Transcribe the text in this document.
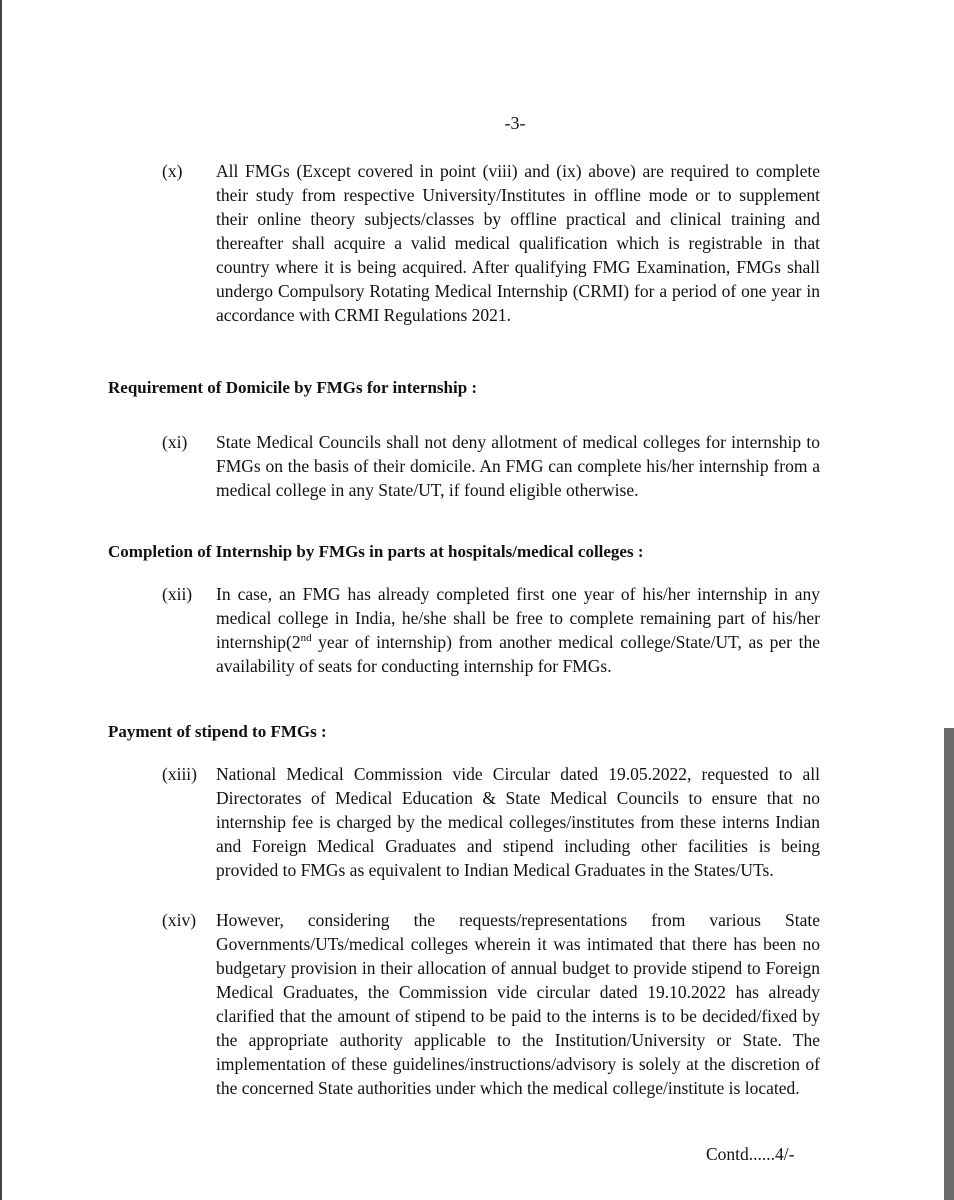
-3-
(x) All FMGs (Except covered in point (viii) and (ix) above) are required to complete their study from respective University/Institutes in offline mode or to supplement their online theory subjects/classes by offline practical and clinical training and thereafter shall acquire a valid medical qualification which is registrable in that country where it is being acquired. After qualifying FMG Examination, FMGs shall undergo Compulsory Rotating Medical Internship (CRMI) for a period of one year in accordance with CRMI Regulations 2021.
Requirement of Domicile by FMGs for internship :
(xi) State Medical Councils shall not deny allotment of medical colleges for internship to FMGs on the basis of their domicile. An FMG can complete his/her internship from a medical college in any State/UT, if found eligible otherwise.
Completion of Internship by FMGs in parts at hospitals/medical colleges :
(xii) In case, an FMG has already completed first one year of his/her internship in any medical college in India, he/she shall be free to complete remaining part of his/her internship(2nd year of internship) from another medical college/State/UT, as per the availability of seats for conducting internship for FMGs.
Payment of stipend to FMGs :
(xiii) National Medical Commission vide Circular dated 19.05.2022, requested to all Directorates of Medical Education & State Medical Councils to ensure that no internship fee is charged by the medical colleges/institutes from these interns Indian and Foreign Medical Graduates and stipend including other facilities is being provided to FMGs as equivalent to Indian Medical Graduates in the States/UTs.
(xiv) However, considering the requests/representations from various State Governments/UTs/medical colleges wherein it was intimated that there has been no budgetary provision in their allocation of annual budget to provide stipend to Foreign Medical Graduates, the Commission vide circular dated 19.10.2022 has already clarified that the amount of stipend to be paid to the interns is to be decided/fixed by the appropriate authority applicable to the Institution/University or State. The implementation of these guidelines/instructions/advisory is solely at the discretion of the concerned State authorities under which the medical college/institute is located.
Contd......4/-
